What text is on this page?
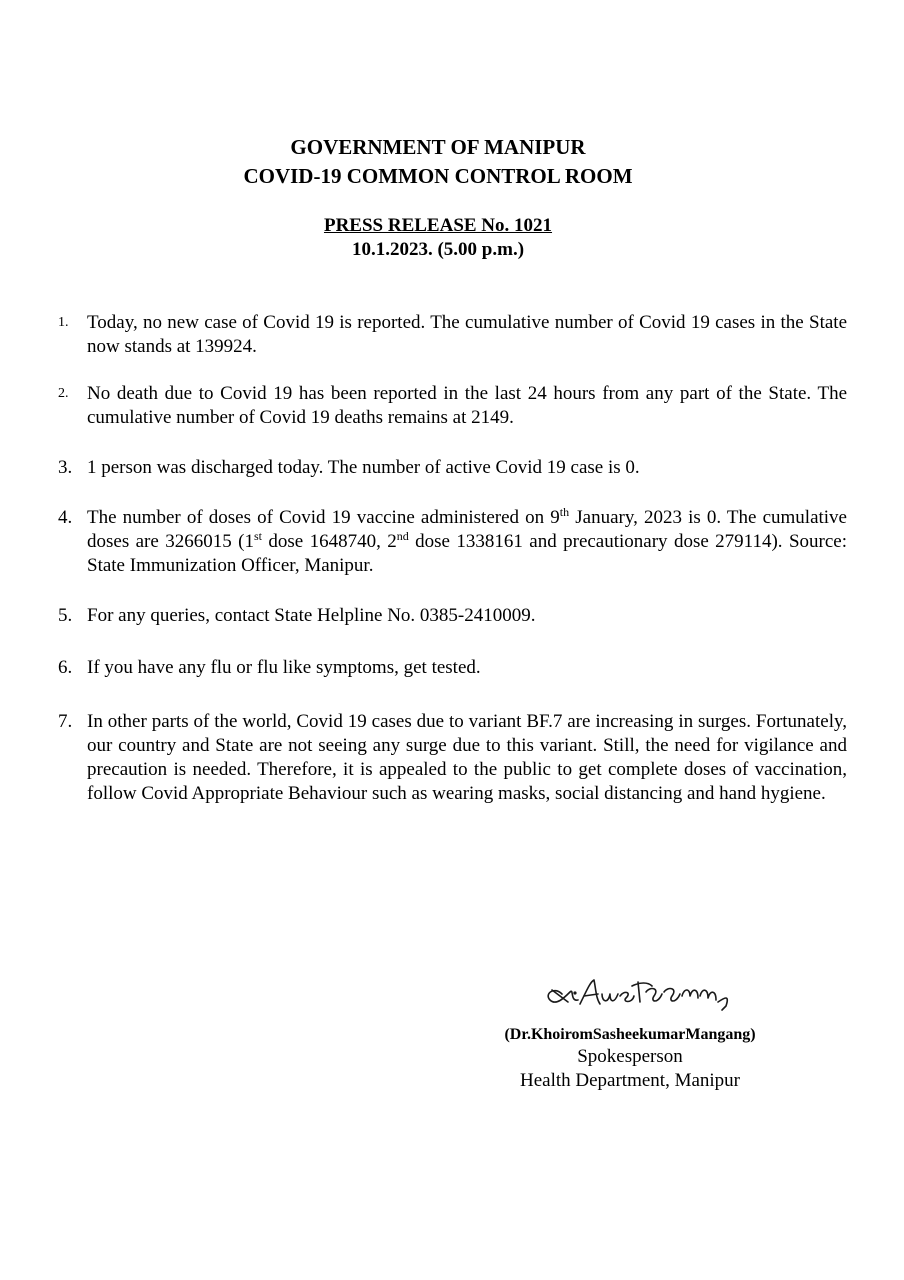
GOVERNMENT OF MANIPUR
COVID-19 COMMON CONTROL ROOM
PRESS RELEASE No. 1021
10.1.2023. (5.00 p.m.)
1. Today, no new case of Covid 19 is reported. The cumulative number of Covid 19 cases in the State now stands at 139924.
2. No death due to Covid 19 has been reported in the last 24 hours from any part of the State. The cumulative number of Covid 19 deaths remains at 2149.
3. 1 person was discharged today. The number of active Covid 19 case is 0.
4. The number of doses of Covid 19 vaccine administered on 9th January, 2023 is 0. The cumulative doses are 3266015 (1st dose 1648740, 2nd dose 1338161 and precautionary dose 279114). Source: State Immunization Officer, Manipur.
5. For any queries, contact State Helpline No. 0385-2410009.
6. If you have any flu or flu like symptoms, get tested.
7. In other parts of the world, Covid 19 cases due to variant BF.7 are increasing in surges. Fortunately, our country and State are not seeing any surge due to this variant. Still, the need for vigilance and precaution is needed. Therefore, it is appealed to the public to get complete doses of vaccination, follow Covid Appropriate Behaviour such as wearing masks, social distancing and hand hygiene.
(Dr.KhoiromSasheekumarMangang)
Spokesperson
Health Department, Manipur
